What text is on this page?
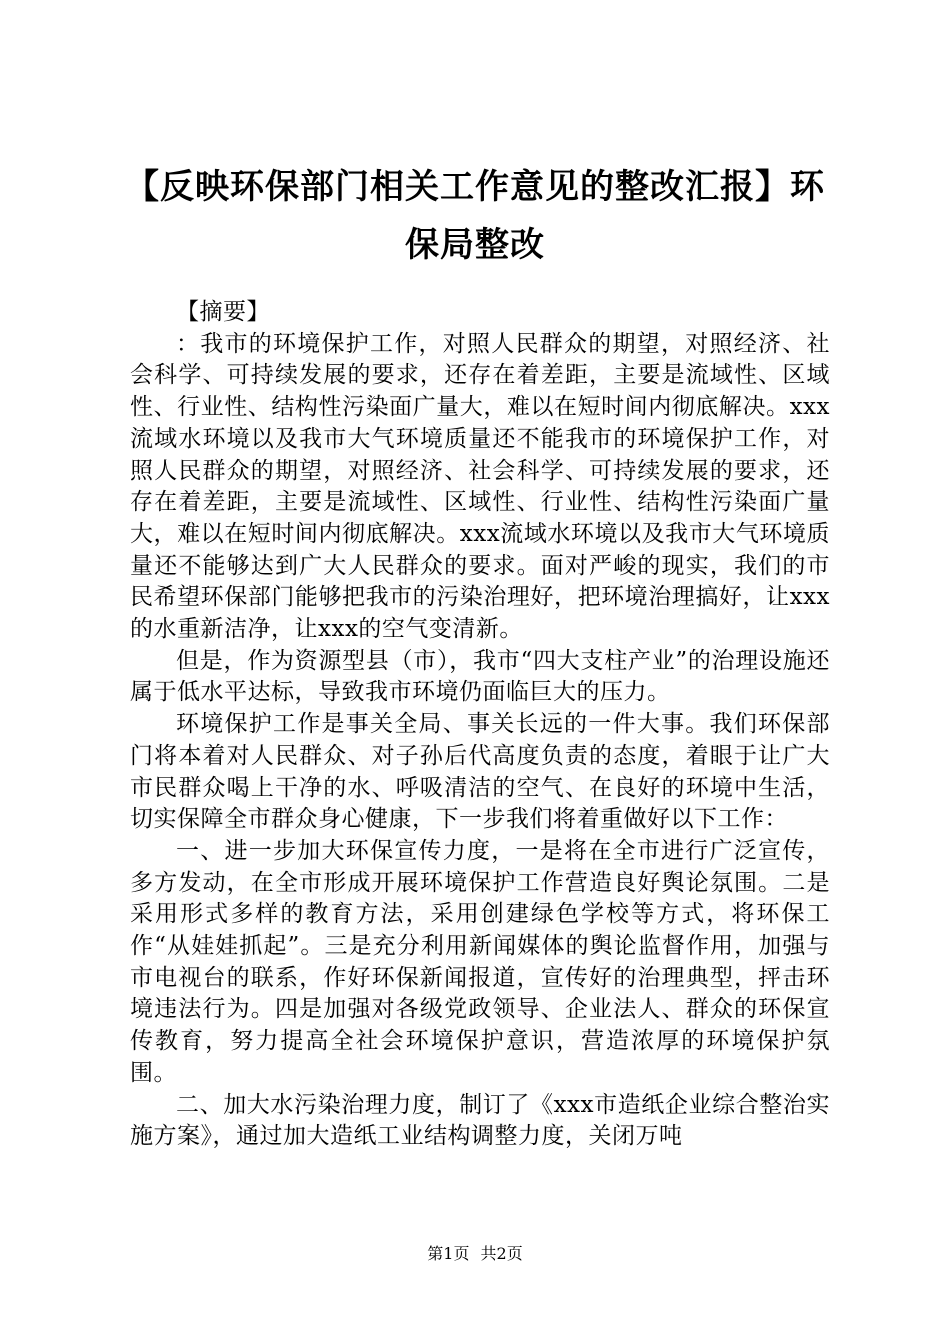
【反映环保部门相关工作意见的整改汇报】环保局整改

【摘要】

：我市的环境保护工作，对照人民群众的期望，对照经济、社会科学、可持续发展的要求，还存在着差距，主要是流域性、区域性、行业性、结构性污染面广量大，难以在短时间内彻底解决。xxx流域水环境以及我市大气环境质量还不能我市的环境保护工作，对照人民群众的期望，对照经济、社会科学、可持续发展的要求，还存在着差距，主要是流域性、区域性、行业性、结构性污染面广量大，难以在短时间内彻底解决。xxx流域水环境以及我市大气环境质量还不能够达到广大人民群众的要求。面对严峻的现实，我们的市民希望环保部门能够把我市的污染治理好，把环境治理搞好，让xxx的水重新洁净，让xxx的空气变清新。

但是，作为资源型县（市），我市“四大支柱产业”的治理设施还属于低水平达标，导致我市环境仍面临巨大的压力。

环境保护工作是事关全局、事关长远的一件大事。我们环保部门将本着对人民群众、对子孙后代高度负责的态度，着眼于让广大市民群众喝上干净的水、呼吸清洁的空气、在良好的环境中生活，切实保障全市群众身心健康，下一步我们将着重做好以下工作：

一、进一步加大环保宣传力度，一是将在全市进行广泛宣传，多方发动，在全市形成开展环境保护工作营造良好舆论氛围。二是采用形式多样的教育方法，采用创建绿色学校等方式，将环保工作“从娃娃抓起”。三是充分利用新闻媒体的舆论监督作用，加强与市电视台的联系，作好环保新闻报道，宣传好的治理典型，抨击环境违法行为。四是加强对各级党政领导、企业法人、群众的环保宣传教育，努力提高全社会环境保护意识，营造浓厚的环境保护氛围。

二、加大水污染治理力度，制订了《xxx市造纸企业综合整治实施方案》，通过加大造纸工业结构调整力度，关闭万吨

第1页 共2页
